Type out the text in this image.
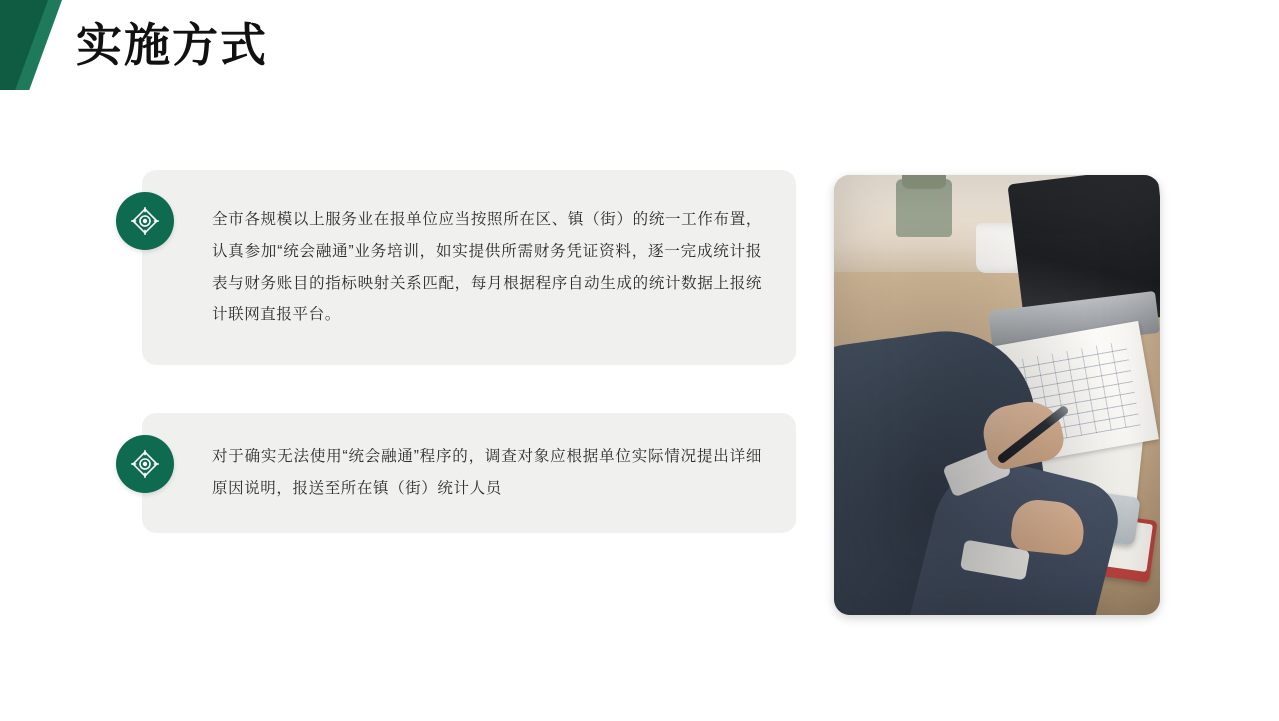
实施方式

全市各规模以上服务业在报单位应当按照所在区、镇（街）的统一工作布置，认真参加“统会融通”业务培训，如实提供所需财务凭证资料，逐一完成统计报表与财务账目的指标映射关系匹配，每月根据程序自动生成的统计数据上报统计联网直报平台。

对于确实无法使用“统会融通”程序的，调查对象应根据单位实际情况提出详细原因说明，报送至所在镇（街）统计人员
